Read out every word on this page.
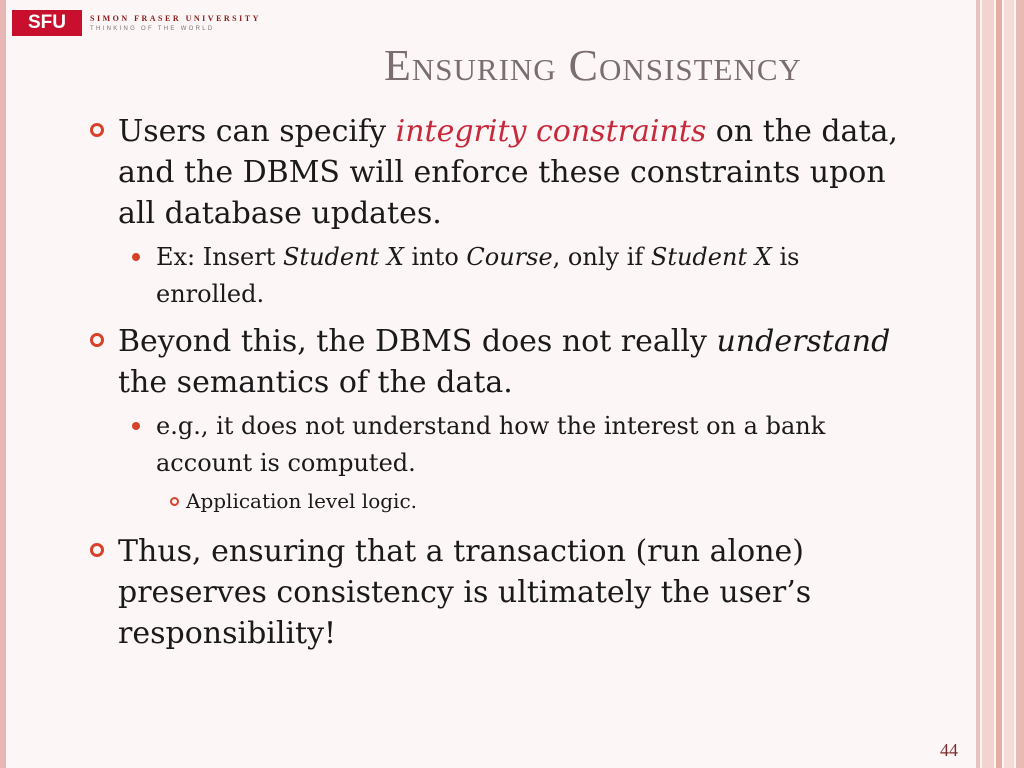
SFU	SIMON FRASER UNIVERSITY
THINKING OF THE WORLD
Ensuring Consistency
Users can specify integrity constraints on the data,
and the DBMS will enforce these constraints upon
all database updates.
Ex: Insert Student X into Course, only if Student X is
enrolled.
Beyond this, the DBMS does not really understand
the semantics of the data.
e.g., it does not understand how the interest on a bank
account is computed.
Application level logic.
Thus, ensuring that a transaction (run alone)
preserves consistency is ultimately the user’s
responsibility!
44
